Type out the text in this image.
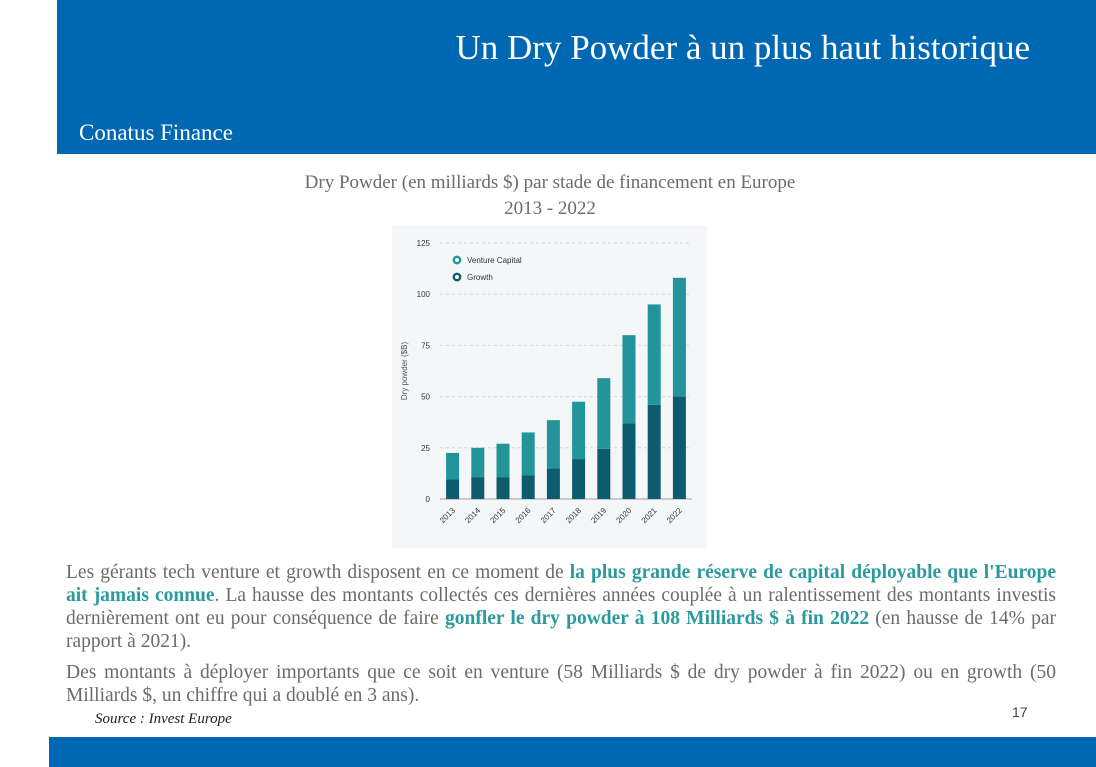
Un Dry Powder à un plus haut historique
Conatus Finance
Dry Powder (en milliards $) par stade de financement en Europe
2013 - 2022
0
25
50
75
100
125
Dry powder ($B)
2013 2014 2015 2016 2017 2018 2019 2020 2021 2022
Venture Capital
Growth

Les gérants tech venture et growth disposent en ce moment de la plus grande réserve de capital déployable que l'Europe ait jamais connue. La hausse des montants collectés ces dernières années couplée à un ralentissement des montants investis dernièrement ont eu pour conséquence de faire gonfler le dry powder à 108 Milliards $ à fin 2022 (en hausse de 14% par rapport à 2021).

Des montants à déployer importants que ce soit en venture (58 Milliards $ de dry powder à fin 2022) ou en growth (50 Milliards $, un chiffre qui a doublé en 3 ans).

Source : Invest Europe	17
